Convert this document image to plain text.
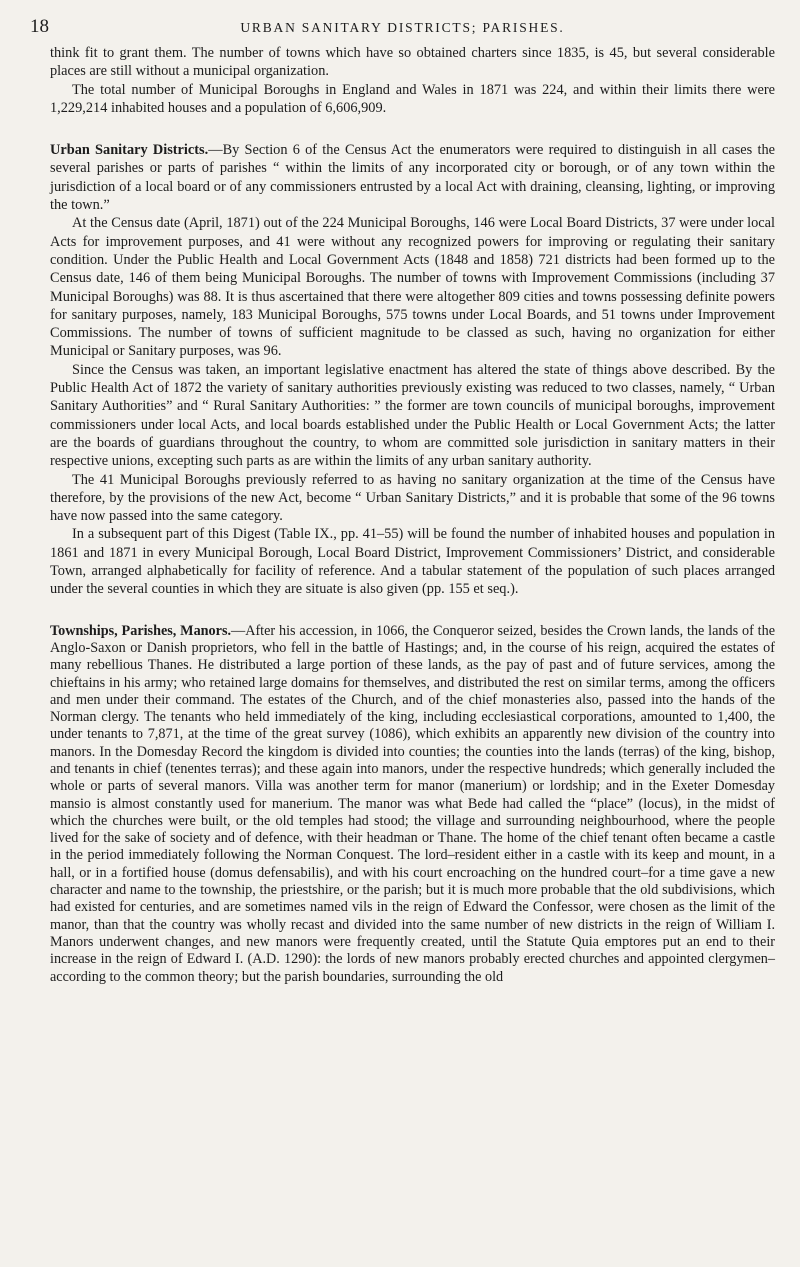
18	URBAN SANITARY DISTRICTS; PARISHES.

think fit to grant them. The number of towns which have so obtained charters since 1835, is 45, but several considerable places are still without a municipal organization.

The total number of Municipal Boroughs in England and Wales in 1871 was 224, and within their limits there were 1,229,214 inhabited houses and a population of 6,606,909.

Urban Sanitary Districts.—By Section 6 of the Census Act the enumerators were required to distinguish in all cases the several parishes or parts of parishes “ within the limits of any incorporated city or borough, or of any town within the jurisdiction of a local board or of any commissioners entrusted by a local Act with draining, cleansing, lighting, or improving the town.”

At the Census date (April, 1871) out of the 224 Municipal Boroughs, 146 were Local Board Districts, 37 were under local Acts for improvement purposes, and 41 were without any recognized powers for improving or regulating their sanitary condition. Under the Public Health and Local Government Acts (1848 and 1858) 721 districts had been formed up to the Census date, 146 of them being Municipal Boroughs. The number of towns with Improvement Commissions (including 37 Municipal Boroughs) was 88. It is thus ascertained that there were altogether 809 cities and towns possessing definite powers for sanitary purposes, namely, 183 Municipal Boroughs, 575 towns under Local Boards, and 51 towns under Improvement Commissions. The number of towns of sufficient magnitude to be classed as such, having no organization for either Municipal or Sanitary purposes, was 96.

Since the Census was taken, an important legislative enactment has altered the state of things above described. By the Public Health Act of 1872 the variety of sanitary authorities previously existing was reduced to two classes, namely, “ Urban Sanitary Authorities” and “ Rural Sanitary Authorities: ” the former are town councils of municipal boroughs, improvement commissioners under local Acts, and local boards established under the Public Health or Local Government Acts; the latter are the boards of guardians throughout the country, to whom are committed sole jurisdiction in sanitary matters in their respective unions, excepting such parts as are within the limits of any urban sanitary authority.

The 41 Municipal Boroughs previously referred to as having no sanitary organization at the time of the Census have therefore, by the provisions of the new Act, become “ Urban Sanitary Districts,” and it is probable that some of the 96 towns have now passed into the same category.

In a subsequent part of this Digest (Table IX., pp. 41–55) will be found the number of inhabited houses and population in 1861 and 1871 in every Municipal Borough, Local Board District, Improvement Commissioners’ District, and considerable Town, arranged alphabetically for facility of reference. And a tabular statement of the population of such places arranged under the several counties in which they are situate is also given (pp. 155 et seq.).

Townships, Parishes, Manors.—After his accession, in 1066, the Conqueror seized, besides the Crown lands, the lands of the Anglo-Saxon or Danish proprietors, who fell in the battle of Hastings; and, in the course of his reign, acquired the estates of many rebellious Thanes. He distributed a large portion of these lands, as the pay of past and of future services, among the chieftains in his army; who retained large domains for themselves, and distributed the rest on similar terms, among the officers and men under their command. The estates of the Church, and of the chief monasteries also, passed into the hands of the Norman clergy. The tenants who held immediately of the king, including ecclesiastical corporations, amounted to 1,400, the under tenants to 7,871, at the time of the great survey (1086), which exhibits an apparently new division of the country into manors. In the Domesday Record the kingdom is divided into counties; the counties into the lands (terras) of the king, bishop, and tenants in chief (tenentes terras); and these again into manors, under the respective hundreds; which generally included the whole or parts of several manors. Villa was another term for manor (manerium) or lordship; and in the Exeter Domesday mansio is almost constantly used for manerium. The manor was what Bede had called the “place” (locus), in the midst of which the churches were built, or the old temples had stood; the village and surrounding neighbourhood, where the people lived for the sake of society and of defence, with their headman or Thane. The home of the chief tenant often became a castle in the period immediately following the Norman Conquest. The lord–resident either in a castle with its keep and mount, in a hall, or in a fortified house (domus defensabilis), and with his court encroaching on the hundred court–for a time gave a new character and name to the township, the priestshire, or the parish; but it is much more probable that the old subdivisions, which had existed for centuries, and are sometimes named vils in the reign of Edward the Confessor, were chosen as the limit of the manor, than that the country was wholly recast and divided into the same number of new districts in the reign of William I. Manors underwent changes, and new manors were frequently created, until the Statute Quia emptores put an end to their increase in the reign of Edward I. (A.D. 1290): the lords of new manors probably erected churches and appointed clergymen–according to the common theory; but the parish boundaries, surrounding the old
